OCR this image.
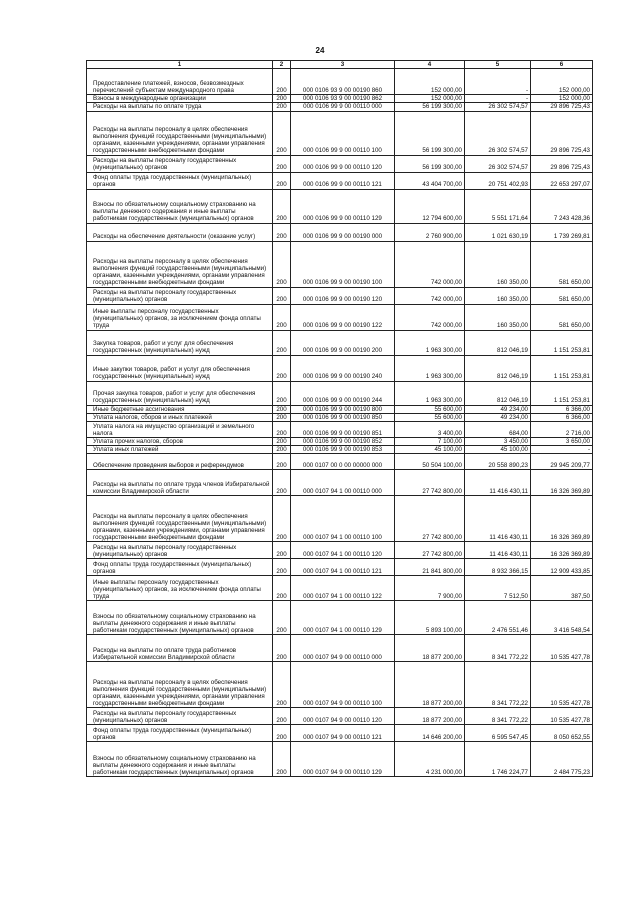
24
1	2	3	4	5	6
Предоставление платежей, взносов, безвозмездных перечислений субъектам международного права	200	000 0106 93 9 00 00190 860	152 000,00	-	152 000,00
Взносы в международные организации	200	000 0106 93 9 00 00190 862	152 000,00	-	152 000,00
Расходы на выплаты по оплате труда	200	000 0106 99 9 00 00110 000	56 199 300,00	26 302 574,57	29 896 725,43
Расходы на выплаты персоналу в целях обеспечения выполнения функций государственными (муниципальными) органами, казенными учреждениями, органами управления государственными внебюджетными фондами	200	000 0106 99 9 00 00110 100	56 199 300,00	26 302 574,57	29 896 725,43
Расходы на выплаты персоналу государственных (муниципальных) органов	200	000 0106 99 9 00 00110 120	56 199 300,00	26 302 574,57	29 896 725,43
Фонд оплаты труда государственных (муниципальных) органов	200	000 0106 99 9 00 00110 121	43 404 700,00	20 751 402,93	22 653 297,07
Взносы по обязательному социальному страхованию на выплаты денежного содержания и иные выплаты работникам государственных (муниципальных) органов	200	000 0106 99 9 00 00110 129	12 794 600,00	5 551 171,64	7 243 428,36
Расходы на обеспечение деятельности (оказание услуг)	200	000 0106 99 9 00 00190 000	2 760 900,00	1 021 630,19	1 739 269,81
Расходы на выплаты персоналу в целях обеспечения выполнения функций государственными (муниципальными) органами, казенными учреждениями, органами управления государственными внебюджетными фондами	200	000 0106 99 9 00 00190 100	742 000,00	160 350,00	581 650,00
Расходы на выплаты персоналу государственных (муниципальных) органов	200	000 0106 99 9 00 00190 120	742 000,00	160 350,00	581 650,00
Иные выплаты персоналу государственных (муниципальных) органов, за исключением фонда оплаты труда	200	000 0106 99 9 00 00190 122	742 000,00	160 350,00	581 650,00
Закупка товаров, работ и услуг для обеспечения государственных (муниципальных) нужд	200	000 0106 99 9 00 00190 200	1 963 300,00	812 046,19	1 151 253,81
Иные закупки товаров, работ и услуг для обеспечения государственных (муниципальных) нужд	200	000 0106 99 9 00 00190 240	1 963 300,00	812 046,19	1 151 253,81
Прочая закупка товаров, работ и услуг для обеспечения государственных (муниципальных) нужд	200	000 0106 99 9 00 00190 244	1 963 300,00	812 046,19	1 151 253,81
Иные бюджетные ассигнования	200	000 0106 99 9 00 00190 800	55 600,00	49 234,00	6 366,00
Уплата налогов, сборов и иных платежей	200	000 0106 99 9 00 00190 850	55 600,00	49 234,00	6 366,00
Уплата налога на имущество организаций и земельного налога	200	000 0106 99 9 00 00190 851	3 400,00	684,00	2 716,00
Уплата прочих налогов, сборов	200	000 0106 99 9 00 00190 852	7 100,00	3 450,00	3 650,00
Уплата иных платежей	200	000 0106 99 9 00 00190 853	45 100,00	45 100,00	-
Обеспечение проведения выборов и референдумов	200	000 0107 00 0 00 00000 000	50 504 100,00	20 558 890,23	29 945 209,77
Расходы на выплаты по оплате труда членов Избирательной комиссии Владимирской области	200	000 0107 94 1 00 00110 000	27 742 800,00	11 416 430,11	16 326 369,89
Расходы на выплаты персоналу в целях обеспечения выполнения функций государственными (муниципальными) органами, казенными учреждениями, органами управления государственными внебюджетными фондами	200	000 0107 94 1 00 00110 100	27 742 800,00	11 416 430,11	16 326 369,89
Расходы на выплаты персоналу государственных (муниципальных) органов	200	000 0107 94 1 00 00110 120	27 742 800,00	11 416 430,11	16 326 369,89
Фонд оплаты труда государственных (муниципальных) органов	200	000 0107 94 1 00 00110 121	21 841 800,00	8 932 366,15	12 909 433,85
Иные выплаты персоналу государственных (муниципальных) органов, за исключением фонда оплаты труда	200	000 0107 94 1 00 00110 122	7 900,00	7 512,50	387,50
Взносы по обязательному социальному страхованию на выплаты денежного содержания и иные выплаты работникам государственных (муниципальных) органов	200	000 0107 94 1 00 00110 129	5 893 100,00	2 476 551,46	3 416 548,54
Расходы на выплаты по оплате труда работников Избирательной комиссии Владимирской области	200	000 0107 94 9 00 00110 000	18 877 200,00	8 341 772,22	10 535 427,78
Расходы на выплаты персоналу в целях обеспечения выполнения функций государственными (муниципальными) органами, казенными учреждениями, органами управления государственными внебюджетными фондами	200	000 0107 94 9 00 00110 100	18 877 200,00	8 341 772,22	10 535 427,78
Расходы на выплаты персоналу государственных (муниципальных) органов	200	000 0107 94 9 00 00110 120	18 877 200,00	8 341 772,22	10 535 427,78
Фонд оплаты труда государственных (муниципальных) органов	200	000 0107 94 9 00 00110 121	14 646 200,00	6 595 547,45	8 050 652,55
Взносы по обязательному социальному страхованию на выплаты денежного содержания и иные выплаты работникам государственных (муниципальных) органов	200	000 0107 94 9 00 00110 129	4 231 000,00	1 746 224,77	2 484 775,23
